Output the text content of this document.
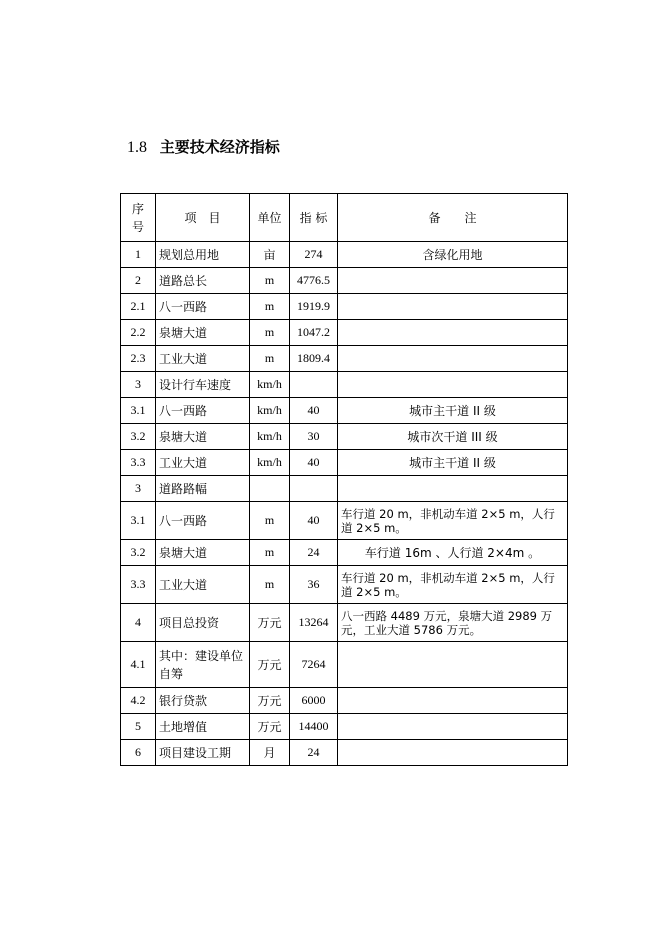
1.8 主要技术经济指标
序号	项　目	单位	指 标	备　　注
1	规划总用地	亩	274	含绿化用地
2	道路总长	m	4776.5	
2.1	八一西路	m	1919.9	
2.2	泉塘大道	m	1047.2	
2.3	工业大道	m	1809.4	
3	设计行车速度	km/h		
3.1	八一西路	km/h	40	城市主干道 II 级
3.2	泉塘大道	km/h	30	城市次干道 III 级
3.3	工业大道	km/h	40	城市主干道 II 级
3	道路路幅			
3.1	八一西路	m	40	车行道 20 m，非机动车道 2×5 m，人行道 2×5 m。
3.2	泉塘大道	m	24	车行道 16m 、人行道 2×4m 。
3.3	工业大道	m	36	车行道 20 m，非机动车道 2×5 m，人行道 2×5 m。
4	项目总投资	万元	13264	八一西路 4489 万元，泉塘大道 2989 万元，工业大道 5786 万元。
4.1	其中：建设单位自筹	万元	7264	
4.2	银行贷款	万元	6000	
5	土地增值	万元	14400	
6	项目建设工期	月	24	
